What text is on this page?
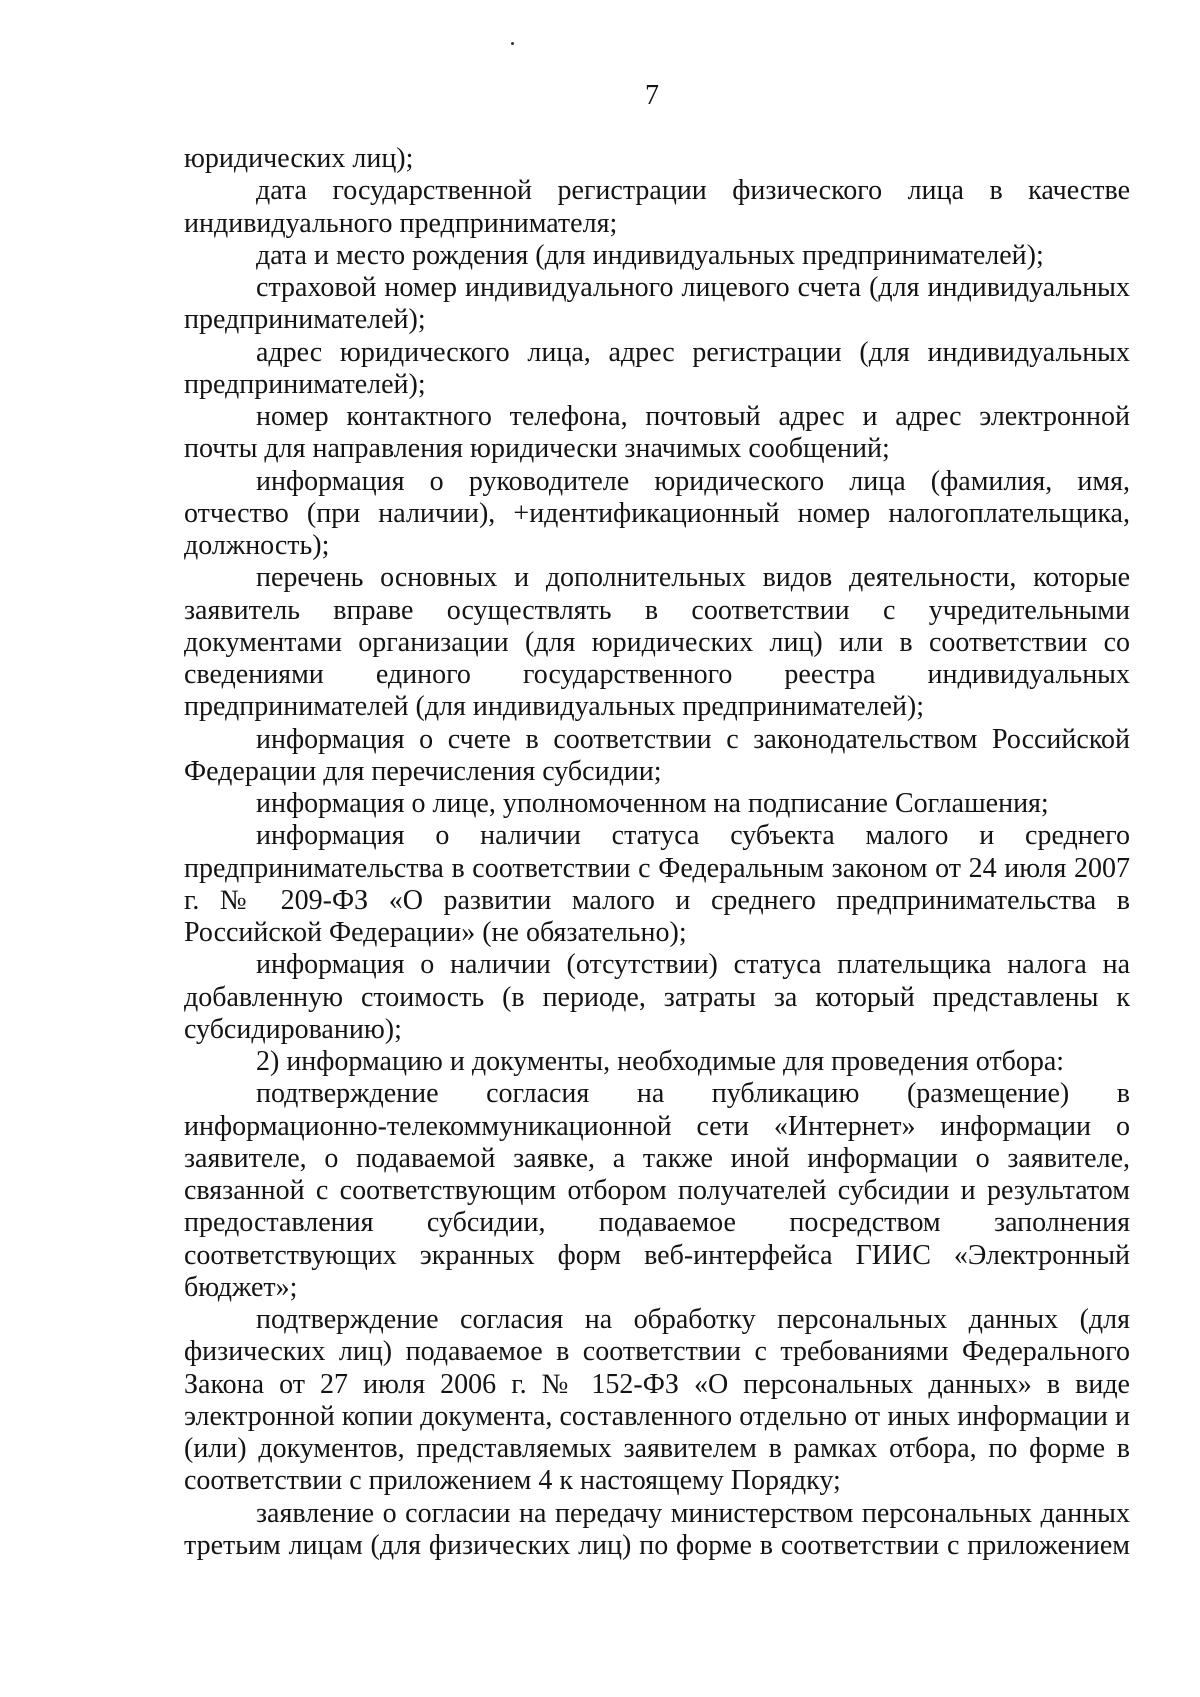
7

юридических лиц);

дата государственной регистрации физического лица в качестве индивидуального предпринимателя;

дата и место рождения (для индивидуальных предпринимателей);

страховой номер индивидуального лицевого счета (для индивидуальных предпринимателей);

адрес юридического лица, адрес регистрации (для индивидуальных предпринимателей);

номер контактного телефона, почтовый адрес и адрес электронной почты для направления юридически значимых сообщений;

информация о руководителе юридического лица (фамилия, имя, отчество (при наличии), +идентификационный номер налогоплательщика, должность);

перечень основных и дополнительных видов деятельности, которые заявитель вправе осуществлять в соответствии с учредительными документами организации (для юридических лиц) или в соответствии со сведениями единого государственного реестра индивидуальных предпринимателей (для индивидуальных предпринимателей);

информация о счете в соответствии с законодательством Российской Федерации для перечисления субсидии;

информация о лице, уполномоченном на подписание Соглашения;

информация о наличии статуса субъекта малого и среднего предпринимательства в соответствии с Федеральным законом от 24 июля 2007 г. № 209-ФЗ «О развитии малого и среднего предпринимательства в Российской Федерации» (не обязательно);

информация о наличии (отсутствии) статуса плательщика налога на добавленную стоимость (в периоде, затраты за который представлены к субсидированию);

2) информацию и документы, необходимые для проведения отбора:

подтверждение согласия на публикацию (размещение) в информационно-телекоммуникационной сети «Интернет» информации о заявителе, о подаваемой заявке, а также иной информации о заявителе, связанной с соответствующим отбором получателей субсидии и результатом предоставления субсидии, подаваемое посредством заполнения соответствующих экранных форм веб-интерфейса ГИИС «Электронный бюджет»;

подтверждение согласия на обработку персональных данных (для физических лиц) подаваемое в соответствии с требованиями Федерального Закона от 27 июля 2006 г. № 152-ФЗ «О персональных данных» в виде электронной копии документа, составленного отдельно от иных информации и (или) документов, представляемых заявителем в рамках отбора, по форме в соответствии с приложением 4 к настоящему Порядку;

заявление о согласии на передачу министерством персональных данных третьим лицам (для физических лиц) по форме в соответствии с приложением
